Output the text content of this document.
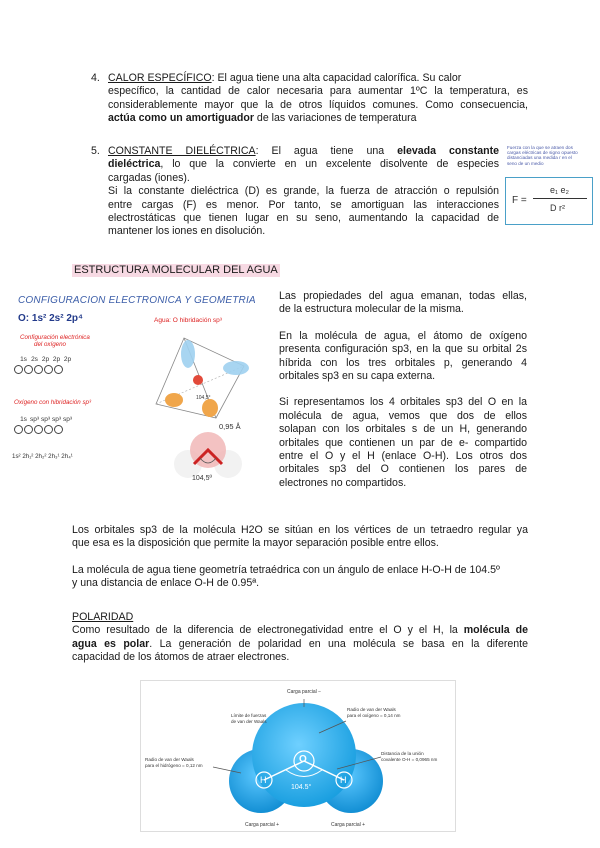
4. CALOR ESPECÍFICO: El agua tiene una alta capacidad calorífica. Su calor
específico, la cantidad de calor necesaria para aumentar 1ºC la temperatura, es
considerablemente mayor que la de otros líquidos comunes. Como consecuencia,
actúa como un amortiguador de las variaciones de temperatura
5. CONSTANTE DIELÉCTRICA: El agua tiene una elevada constante
dieléctrica, lo que la convierte en un excelente disolvente de especies
cargadas (iones).
Si la constante dieléctrica (D) es grande, la fuerza de atracción o repulsión
entre cargas (F) es menor. Por tanto, se amortiguan las interacciones
electrostáticas que tienen lugar en su seno, aumentando la capacidad de
mantener los iones en disolución.
Fuerza con la que se atraen dos
cargas eléctricas de signo opuesto
distanciadas una medida r en el
seno de un medio
F =
e₁ e₂
D r²
ESTRUCTURA MOLECULAR DEL AGUA
CONFIGURACION ELECTRONICA Y GEOMETRIA
O: 1s² 2s² 2p⁴	Agua: O hibridación sp³
Configuración electrónica
del oxígeno
1s 2s 2p 2p 2p
Oxígeno con hibridación sp³
1s sp³ sp³ sp³ sp³
1s² 2h₁² 2h₂² 2h₃¹ 2h₄¹
0,95 Å
104,5º
104,5°
Las propiedades del agua emanan, todas ellas,
de la estructura molecular de la misma.
En la molécula de agua, el átomo de oxígeno
presenta configuración sp3, en la que su orbital 2s
híbrida con los tres orbitales p, generando 4
orbitales sp3 en su capa externa.
Si representamos los 4 orbitales sp3 del O en la
molécula de agua, vemos que dos de ellos
solapan con los orbitales s de un H, generando
orbitales que contienen un par de e- compartido
entre el O y el H (enlace O-H). Los otros dos
orbitales sp3 del O contienen los pares de
electrones no compartidos.
Los orbitales sp3 de la molécula H2O se sitúan en los vértices de un tetraedro regular ya
que esa es la disposición que permite la mayor separación posible entre ellos.
La molécula de agua tiene geometría tetraédrica con un ángulo de enlace H-O-H de 104.5º
y una distancia de enlace O-H de 0.95ª.
POLARIDAD
Como resultado de la diferencia de electronegatividad entre el O y el H, la molécula de
agua es polar. La generación de polaridad en una molécula se basa en la diferente
capacidad de los átomos de atraer electrones.
Carga parcial −
Radio de van der Waals
para el oxígeno = 0,14 nm
Límite de fuerzas
de van der Waals
Distancia de la unión
covalente O-H = 0,0965 nm
Radio de van der Waals
para el hidrógeno = 0,12 nm
O
H	H
104.5°
Carga parcial +	Carga parcial +
